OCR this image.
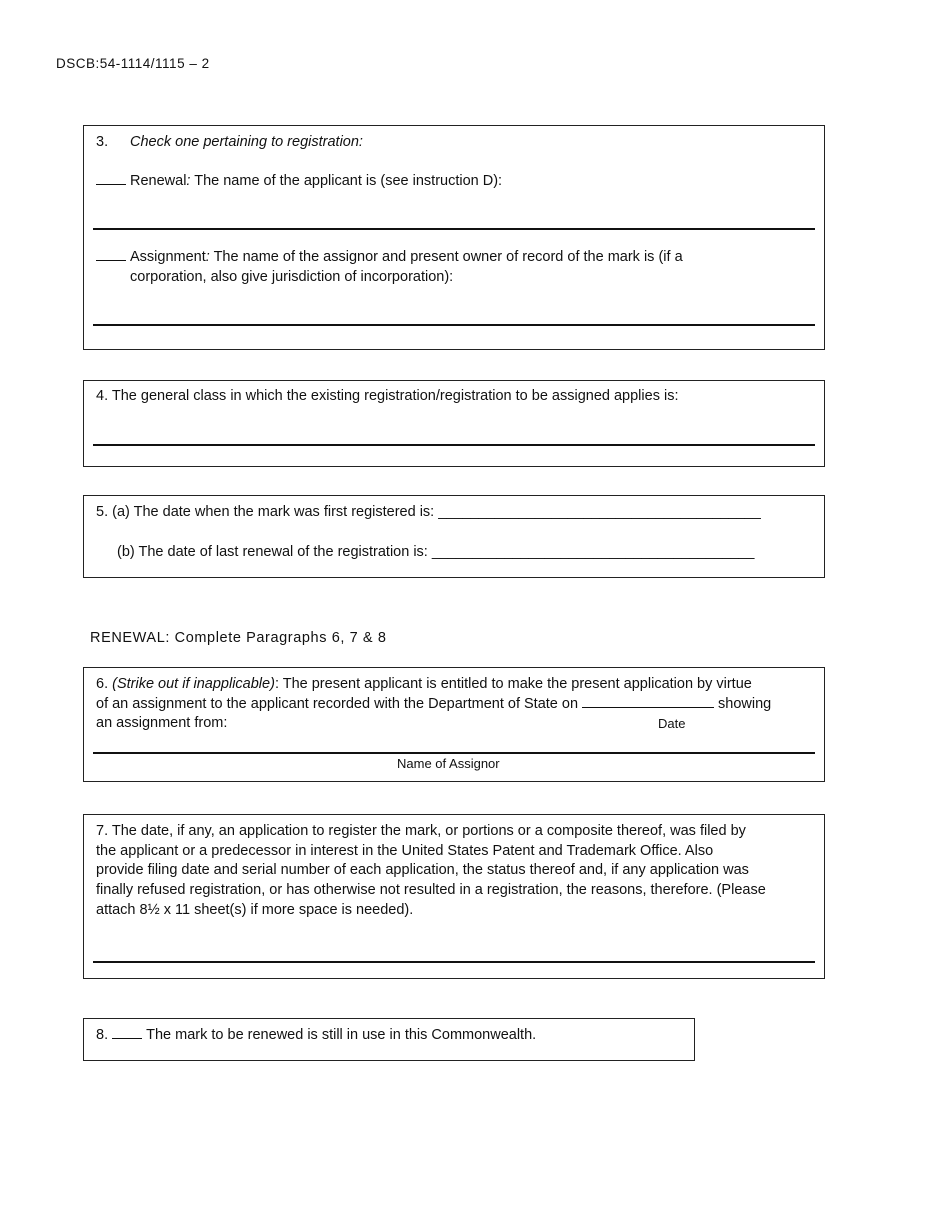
DSCB:54-1114/1115 – 2
3. Check one pertaining to registration:
Renewal: The name of the applicant is (see instruction D):
Assignment: The name of the assignor and present owner of record of the mark is (if a
corporation, also give jurisdiction of incorporation):
4. The general class in which the existing registration/registration to be assigned applies is:
5. (a) The date when the mark was first registered is: ________________________________________
(b) The date of last renewal of the registration is: ________________________________________
RENEWAL: Complete Paragraphs 6, 7 & 8
6. (Strike out if inapplicable): The present applicant is entitled to make the present application by virtue
of an assignment to the applicant recorded with the Department of State on	showing
an assignment from:	Date
Name of Assignor
7. The date, if any, an application to register the mark, or portions or a composite thereof, was filed by
the applicant or a predecessor in interest in the United States Patent and Trademark Office. Also
provide filing date and serial number of each application, the status thereof and, if any application was
finally refused registration, or has otherwise not resulted in a registration, the reasons, therefore. (Please
attach 8½ x 11 sheet(s) if more space is needed).
8.	The mark to be renewed is still in use in this Commonwealth.
